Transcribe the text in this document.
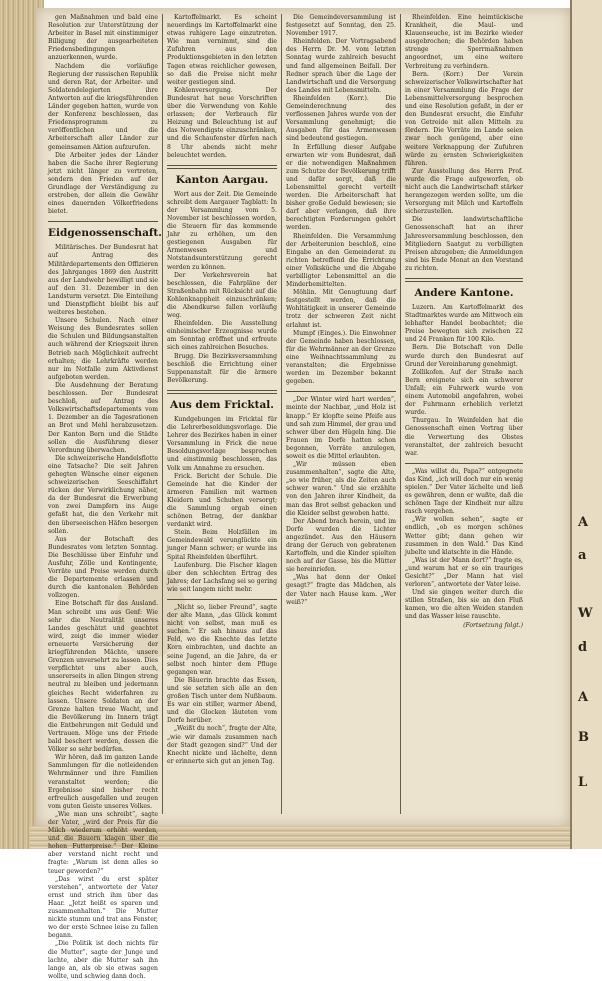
gen Maßnahmen und bald eine Resolution zur Unterstützung der Arbeiter in Basel mit einstimmiger Billigung der ausgearbeiteten Friedensbedingungen anzuerkennen, wurde.

Nachdem die vorläufige Regierung der russischen Republik und deren Rat, der Arbeiter- und Soldatendelegierten ihre Antworten auf die kriegsführenden Länder gegeben hatten, wurde von der Konferenz beschlossen, das Friedensprogramm zu veröffentlichen und die Arbeiterschaft aller Länder zur gemeinsamen Aktion aufzurufen.

Die Arbeiter jedes der Länder haben die Sache ihrer Regierung jetzt nicht länger zu vertreten, sondern den Frieden auf der Grundlage der Verständigung zu erstreben, der allein die Gewähr eines dauernden Völkerfriedens bietet.

Eidgenossenschaft.

Militärisches. Der Bundesrat hat auf Antrag des Militärdepartements den Offizieren des Jahrganges 1869 den Austritt aus der Landwehr bewilligt und sie auf den 31. Dezember in den Landsturm versetzt. Die Einteilung und Dienstpflicht bleibt bis auf weiteres bestehen.

Unsere Schulen. Nach einer Weisung des Bundesrates sollen die Schulen und Bildungsanstalten auch während der Kriegszeit ihren Betrieb nach Möglichkeit aufrecht erhalten; die Lehrkräfte werden nur im Notfalle zum Aktivdienst aufgeboten werden.

Die Ausdehnung der Beratung beschlossen. Der Bundesrat beschloß, auf Antrag des Volkswirtschaftsdepartements vom 1. Dezember an die Tagesrationen an Brot und Mehl herabzusetzen. Der Kanton Bern und die Städte sollen die Ausführung dieser Verordnung überwachen.

Die schweizerische Handelsflotte eine Tatsache? Die seit Jahren gehegten Wünsche einer eigenen schweizerischen Seeschiffahrt rücken der Verwirklichung näher, da der Bundesrat die Erwerbung von zwei Dampfern ins Auge gefaßt hat, die den Verkehr mit den überseeischen Häfen besorgen sollen.

Aus der Botschaft des Bundesrates vom letzten Sonntag. Die Beschlüsse über Einfuhr und Ausfuhr, Zölle und Kontingente, Vorräte und Preise werden durch die Departemente erlassen und durch die kantonalen Behörden vollzogen.

Eine Botschaft für das Ausland. Man schreibt uns aus Genf: Wie sehr die Neutralität unseres Landes geschätzt und geachtet wird, zeigt die immer wieder erneuerte Versicherung der kriegführenden Mächte, unsere Grenzen unversehrt zu lassen. Dies verpflichtet uns aber auch, unsererseits in allen Dingen streng neutral zu bleiben und jedermann gleiches Recht widerfahren zu lassen. Unsere Soldaten an der Grenze halten treue Wacht, und die Bevölkerung im Innern trägt die Entbehrungen mit Geduld und Vertrauen. Möge uns der Friede bald beschert werden, dessen die Völker so sehr bedürfen.

Wir hören, daß im ganzen Lande Sammlungen für die notleidenden Wehrmänner und ihre Familien veranstaltet werden; die Ergebnisse sind bisher recht erfreulich ausgefallen und zeugen vom guten Geiste unseres Volkes.

„Wie man uns schreibt“, sagte der Vater, „wird der Preis für die Milch wiederum erhöht werden, und die Bauern klagen über die hohen Futterpreise.“ Der Kleine aber verstand nicht recht und fragte: „Warum ist denn alles so teuer geworden?“

„Das wirst du erst später verstehen“, antwortete der Vater ernst und strich ihm über das Haar. „Jetzt heißt es sparen und zusammenhalten.“ Die Mutter nickte stumm und trat ans Fenster, wo der erste Schnee leise zu fallen begann.

„Die Politik ist doch nichts für die Mutter“, sagte der Junge und lachte, aber die Mutter sah ihn lange an, als ob sie etwas sagen wollte, und schwieg dann doch.

Kartoffelmarkt. Es scheint neuerdings im Kartoffelmarkt eine etwas ruhigere Lage einzutreten. Wie man vernimmt, sind die Zufuhren aus den Produktionsgebieten in den letzten Tagen etwas reichlicher gewesen, so daß die Preise nicht mehr weiter gestiegen sind.

Kohlenversorgung. Der Bundesrat hat neue Vorschriften über die Verwendung von Kohle erlassen; der Verbrauch für Heizung und Beleuchtung ist auf das Notwendigste einzuschränken, und die Schaufenster dürfen nach 8 Uhr abends nicht mehr beleuchtet werden.

Kanton Aargau.

Wort aus der Zeit. Die Gemeinde schreibt dem Aargauer Tagblatt: In der Versammlung vom 5. November ist beschlossen worden, die Steuern für das kommende Jahr zu erhöhen, um den gestiegenen Ausgaben für Armenwesen und Notstandsunterstützung gerecht werden zu können.

Der Verkehrsverein hat beschlossen, die Fahrpläne der Straßenbahn mit Rücksicht auf die Kohlenknappheit einzuschränken; die Abendkurse fallen vorläufig weg.

Rheinfelden. Die Ausstellung einheimischer Erzeugnisse wurde am Sonntag eröffnet und erfreute sich eines zahlreichen Besuches.

Brugg. Die Bezirksversammlung beschloß die Errichtung einer Suppenanstalt für die ärmere Bevölkerung.

Aus dem Fricktal.

Kundgebungen im Fricktal für die Lehrerbesoldungsvorlage. Die Lehrer des Bezirkes haben in einer Versammlung in Frick die neue Besoldungsvorlage besprochen und einstimmig beschlossen, das Volk um Annahme zu ersuchen.

Frick. Bericht der Schule. Die Gemeinde hat die Kinder der ärmeren Familien mit warmen Kleidern und Schuhen versorgt; die Sammlung ergab einen schönen Betrag, der dankbar verdankt wird.

Stein. Beim Holzfällen im Gemeindewald verunglückte ein junger Mann schwer; er wurde ins Spital Rheinfelden überführt.

Laufenburg. Die Fischer klagen über den schlechten Ertrag des Jahres; der Lachsfang sei so gering wie seit langem nicht mehr.

„Nicht so, lieber Freund“, sagte der alte Mann, „das Glück kommt nicht von selbst, man muß es suchen.“ Er sah hinaus auf das Feld, wo die Knechte das letzte Korn einbrachten, und dachte an seine Jugend, an die Jahre, da er selbst noch hinter dem Pfluge gegangen war.

Die Bäuerin brachte das Essen, und sie setzten sich alle an den großen Tisch unter dem Nußbaum. Es war ein stiller, warmer Abend, und die Glocken läuteten vom Dorfe herüber.

„Weißt du noch“, fragte der Alte, „wie wir damals zusammen nach der Stadt gezogen sind?“ Und der Knecht nickte und lächelte, denn er erinnerte sich gut an jenen Tag.

Die Gemeindeversammlung ist festgesetzt auf Sonntag, den 25. November 1917.

Rheinfelden. Der Vortragsabend des Herrn Dr. M. vom letzten Sonntag wurde zahlreich besucht und fand allgemeinen Beifall. Der Redner sprach über die Lage der Landwirtschaft und die Versorgung des Landes mit Lebensmitteln.

Rheinfelden (Korr.). Die Gemeinderechnung des verflossenen Jahres wurde von der Versammlung genehmigt; die Ausgaben für das Armenwesen sind bedeutend gestiegen.

In Erfüllung dieser Aufgabe erwarten wir vom Bundesrat, daß er die notwendigen Maßnahmen zum Schutze der Bevölkerung trifft und dafür sorgt, daß die Lebensmittel gerecht verteilt werden. Die Arbeiterschaft hat bisher große Geduld bewiesen; sie darf aber verlangen, daß ihre berechtigten Forderungen gehört werden.

Rheinfelden. Die Versammlung der Arbeiterunion beschloß, eine Eingabe an den Gemeinderat zu richten betreffend die Errichtung einer Volksküche und die Abgabe verbilligter Lebensmittel an die Minderbemittelten.

Möhlin. Mit Genugtuung darf festgestellt werden, daß die Wohltätigkeit in unserer Gemeinde trotz der schweren Zeit nicht erlahmt ist.

Mumpf (Einges.). Die Einwohner der Gemeinde haben beschlossen, für die Wehrmänner an der Grenze eine Weihnachtssammlung zu veranstalten; die Ergebnisse werden im Dezember bekannt gegeben.

„Der Winter wird hart werden“, meinte der Nachbar, „und Holz ist knapp.“ Er klopfte seine Pfeife aus und sah zum Himmel, der grau und schwer über den Hügeln hing. Die Frauen im Dorfe hatten schon begonnen, Vorräte anzulegen, soweit es die Mittel erlaubten.

„Wir müssen eben zusammenhalten“, sagte die Alte, „so wie früher, als die Zeiten auch schwer waren.“ Und sie erzählte von den Jahren ihrer Kindheit, da man das Brot selbst gebacken und die Kleider selbst gewoben hatte.

Der Abend brach herein, und im Dorfe wurden die Lichter angezündet. Aus den Häusern drang der Geruch von gebratenen Kartoffeln, und die Kinder spielten noch auf der Gasse, bis die Mütter sie hereinriefen.

„Was hat denn der Onkel gesagt?“ fragte das Mädchen, als der Vater nach Hause kam. „Wer weiß?“

Rheinfelden. Eine heimtückische Krankheit, die Maul- und Klauenseuche, ist im Bezirke wieder ausgebrochen; die Behörden haben strenge Sperrmaßnahmen angeordnet, um eine weitere Verbreitung zu verhindern.

Bern. (Korr.) Der Verein schweizerischer Volkswirtschafter hat in einer Versammlung die Frage der Lebensmittelversorgung besprochen und eine Resolution gefaßt, in der er den Bundesrat ersucht, die Einfuhr von Getreide mit allen Mitteln zu fördern. Die Vorräte im Lande seien zwar noch genügend, aber eine weitere Verknappung der Zufuhren würde zu ernsten Schwierigkeiten führen.

Zur Ausstellung des Herrn Prof. wurde die Frage aufgeworfen, ob nicht auch die Landwirtschaft stärker herangezogen werden sollte, um die Versorgung mit Milch und Kartoffeln sicherzustellen.

Die landwirtschaftliche Genossenschaft hat an ihrer Jahresversammlung beschlossen, den Mitgliedern Saatgut zu verbilligten Preisen abzugeben; die Anmeldungen sind bis Ende Monat an den Vorstand zu richten.

Andere Kantone.

Luzern. Am Kartoffelmarkt des Stadtmarktes wurde am Mittwoch ein lebhafter Handel beobachtet; die Preise bewegten sich zwischen 22 und 24 Franken für 100 Kilo.

Bern. Die Botschaft von Delle wurde durch den Bundesrat auf Grund der Vereinbarung genehmigt.

Zollikofen. Auf der Straße nach Bern ereignete sich ein schwerer Unfall; ein Fuhrwerk wurde von einem Automobil angefahren, wobei der Fuhrmann erheblich verletzt wurde.

Thurgau. In Weinfelden hat die Genossenschaft einen Vortrag über die Verwertung des Obstes veranstaltet, der zahlreich besucht war.

„Was willst du, Papa?“ entgegnete das Kind, „ich will doch nur ein wenig spielen.“ Der Vater lächelte und ließ es gewähren, denn er wußte, daß die schönen Tage der Kindheit nur allzu rasch vergehen.

„Wir wollen sehen“, sagte er endlich, „ob es morgen schönes Wetter gibt; dann gehen wir zusammen in den Wald.“ Das Kind jubelte und klatschte in die Hände.

„Was ist der Mann dort?“ fragte es, „und warum hat er so ein trauriges Gesicht?“ „Der Mann hat viel verloren“, antwortete der Vater leise.

Und sie gingen weiter durch die stillen Straßen, bis sie an den Fluß kamen, wo die alten Weiden standen und das Wasser leise rauschte.

(Fortsetzung folgt.)

A
a
W
d
A
B
L
